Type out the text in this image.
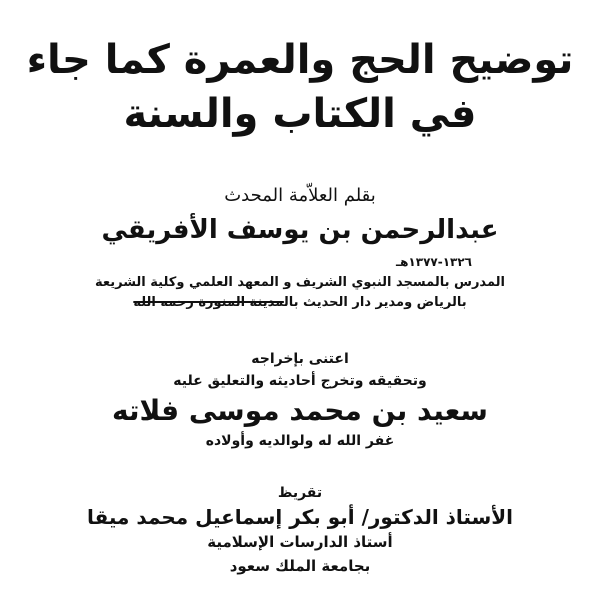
توضيح الحج والعمرة كما جاء
في الكتاب والسنة
بقلم العلاّمة المحدث
عبدالرحمن بن يوسف الأفريقي
١٣٢٦-١٣٧٧هـ
المدرس بالمسجد النبوي الشريف و المعهد العلمي وكلية الشريعة
بالرياض ومدير دار الحديث بالمدينة المنورة رحمه الله
اعتنى بإخراجه
وتحقيقه وتخرج أحاديثه والتعليق عليه
سعيد بن محمد موسى فلاته
غفر الله له ولوالديه وأولاده
تقريظ
الأستاذ الدكتور/ أبو بكر إسماعيل محمد ميقا
أستاذ الدارسات الإسلامية
بجامعة الملك سعود
